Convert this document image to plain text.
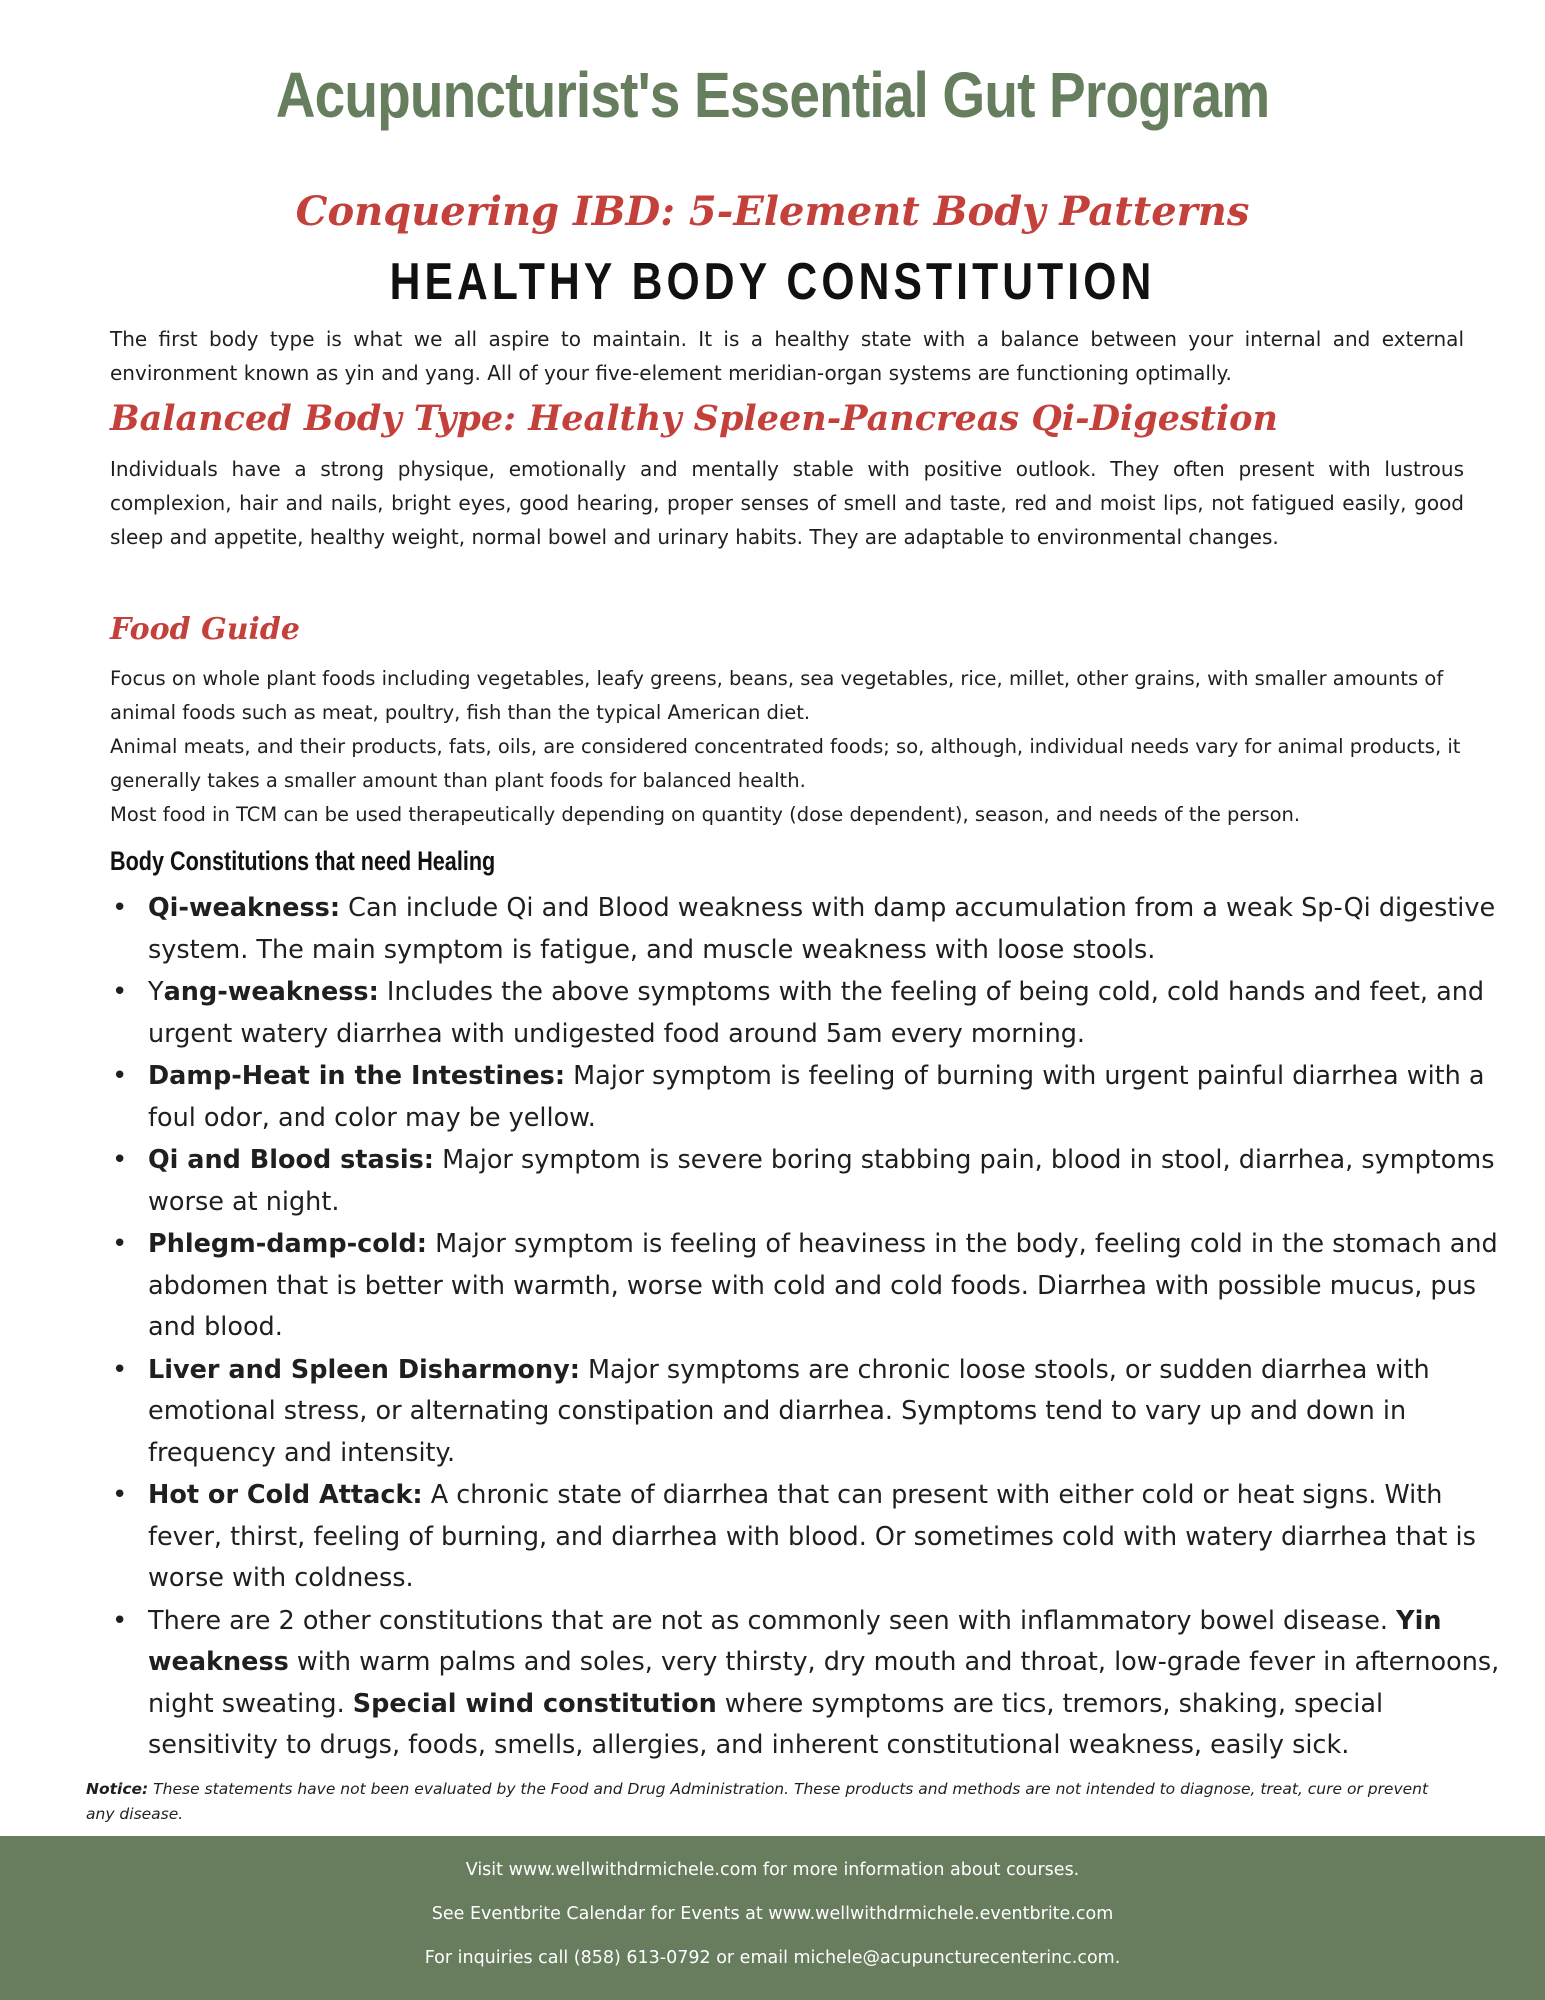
Acupuncturist's Essential Gut Program
Conquering IBD: 5-Element Body Patterns
HEALTHY BODY CONSTITUTION

The first body type is what we all aspire to maintain. It is a healthy state with a balance between your internal and external environment known as yin and yang. All of your five-element meridian-organ systems are functioning optimally.

Balanced Body Type: Healthy Spleen-Pancreas Qi-Digestion

Individuals have a strong physique, emotionally and mentally stable with positive outlook. They often present with lustrous complexion, hair and nails, bright eyes, good hearing, proper senses of smell and taste, red and moist lips, not fatigued easily, good sleep and appetite, healthy weight, normal bowel and urinary habits. They are adaptable to environmental changes.

Food Guide

Focus on whole plant foods including vegetables, leafy greens, beans, sea vegetables, rice, millet, other grains, with smaller amounts of animal foods such as meat, poultry, fish than the typical American diet.

Animal meats, and their products, fats, oils, are considered concentrated foods; so, although, individual needs vary for animal products, it generally takes a smaller amount than plant foods for balanced health.

Most food in TCM can be used therapeutically depending on quantity (dose dependent), season, and needs of the person.

Body Constitutions that need Healing
• Qi-weakness: Can include Qi and Blood weakness with damp accumulation from a weak Sp-Qi digestive system. The main symptom is fatigue, and muscle weakness with loose stools.
• Yang-weakness: Includes the above symptoms with the feeling of being cold, cold hands and feet, and urgent watery diarrhea with undigested food around 5am every morning.
• Damp-Heat in the Intestines: Major symptom is feeling of burning with urgent painful diarrhea with a foul odor, and color may be yellow.
• Qi and Blood stasis: Major symptom is severe boring stabbing pain, blood in stool, diarrhea, symptoms worse at night.
• Phlegm-damp-cold: Major symptom is feeling of heaviness in the body, feeling cold in the stomach and abdomen that is better with warmth, worse with cold and cold foods. Diarrhea with possible mucus, pus and blood.
• Liver and Spleen Disharmony: Major symptoms are chronic loose stools, or sudden diarrhea with emotional stress, or alternating constipation and diarrhea. Symptoms tend to vary up and down in frequency and intensity.
• Hot or Cold Attack: A chronic state of diarrhea that can present with either cold or heat signs. With fever, thirst, feeling of burning, and diarrhea with blood. Or sometimes cold with watery diarrhea that is worse with coldness.
• There are 2 other constitutions that are not as commonly seen with inflammatory bowel disease. Yin weakness with warm palms and soles, very thirsty, dry mouth and throat, low-grade fever in afternoons, night sweating. Special wind constitution where symptoms are tics, tremors, shaking, special sensitivity to drugs, foods, smells, allergies, and inherent constitutional weakness, easily sick.

Notice: These statements have not been evaluated by the Food and Drug Administration. These products and methods are not intended to diagnose, treat, cure or prevent any disease.

Visit www.wellwithdrmichele.com for more information about courses.

See Eventbrite Calendar for Events at www.wellwithdrmichele.eventbrite.com

For inquiries call (858) 613-0792 or email michele@acupuncturecenterinc.com.
